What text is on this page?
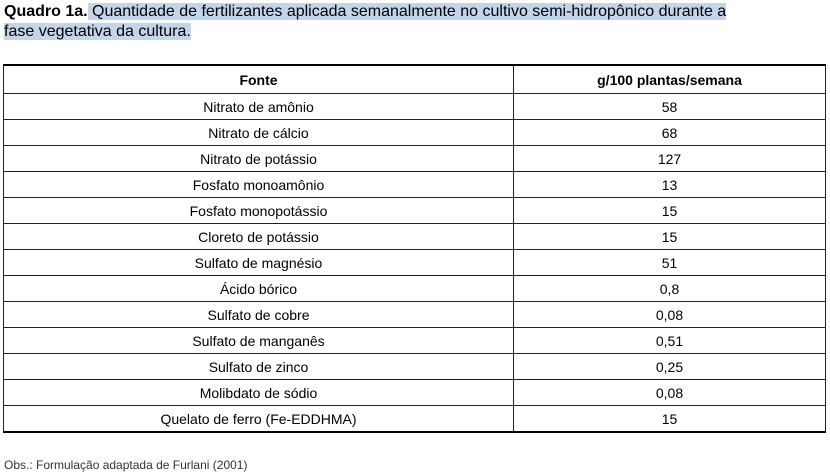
Quadro 1a. Quantidade de fertilizantes aplicada semanalmente no cultivo semi-hidropônico durante a
fase vegetativa da cultura.
Fonte	g/100 plantas/semana
Nitrato de amônio	58
Nitrato de cálcio	68
Nitrato de potássio	127
Fosfato monoamônio	13
Fosfato monopotássio	15
Cloreto de potássio	15
Sulfato de magnésio	51
Ácido bórico	0,8
Sulfato de cobre	0,08
Sulfato de manganês	0,51
Sulfato de zinco	0,25
Molibdato de sódio	0,08
Quelato de ferro (Fe-EDDHMA)	15
Obs.: Formulação adaptada de Furlani (2001)
